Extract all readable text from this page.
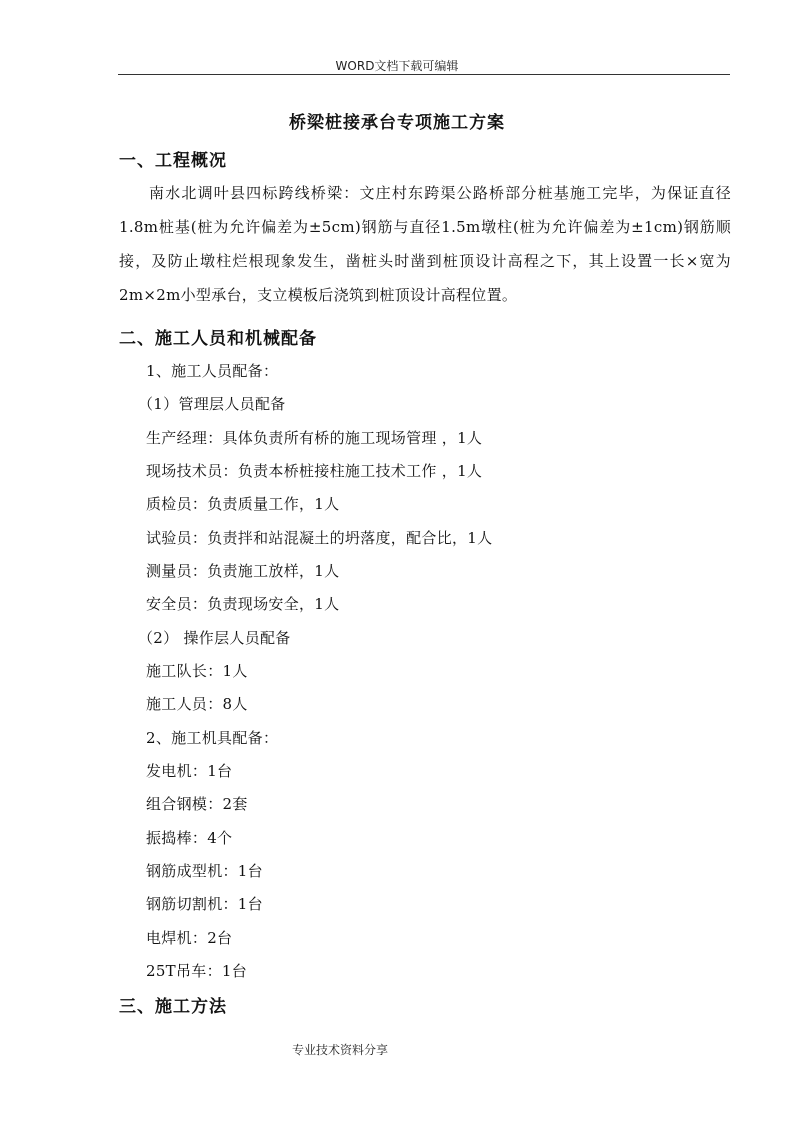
WORD文档下载可编辑
桥梁桩接承台专项施工方案
一、工程概况
南水北调叶县四标跨线桥梁：文庄村东跨渠公路桥部分桩基施工完毕，为保证直径1.8m桩基(桩为允许偏差为±5cm)钢筋与直径1.5m墩柱(桩为允许偏差为±1cm)钢筋顺接，及防止墩柱烂根现象发生，凿桩头时凿到桩顶设计高程之下，其上设置一长×宽为2m×2m小型承台，支立模板后浇筑到桩顶设计高程位置。
二、施工人员和机械配备
1、施工人员配备：
（1）管理层人员配备
生产经理：具体负责所有桥的施工现场管理 ，1人
现场技术员：负责本桥桩接柱施工技术工作 ，1人
质检员：负责质量工作，1人
试验员：负责拌和站混凝土的坍落度，配合比，1人
测量员：负责施工放样，1人
安全员：负责现场安全，1人
（2） 操作层人员配备
施工队长：1人
施工人员：8人
2、施工机具配备：
发电机：1台
组合钢模：2套
振捣棒：4个
钢筋成型机：1台
钢筋切割机：1台
电焊机：2台
25T吊车：1台
三、施工方法
专业技术资料分享
